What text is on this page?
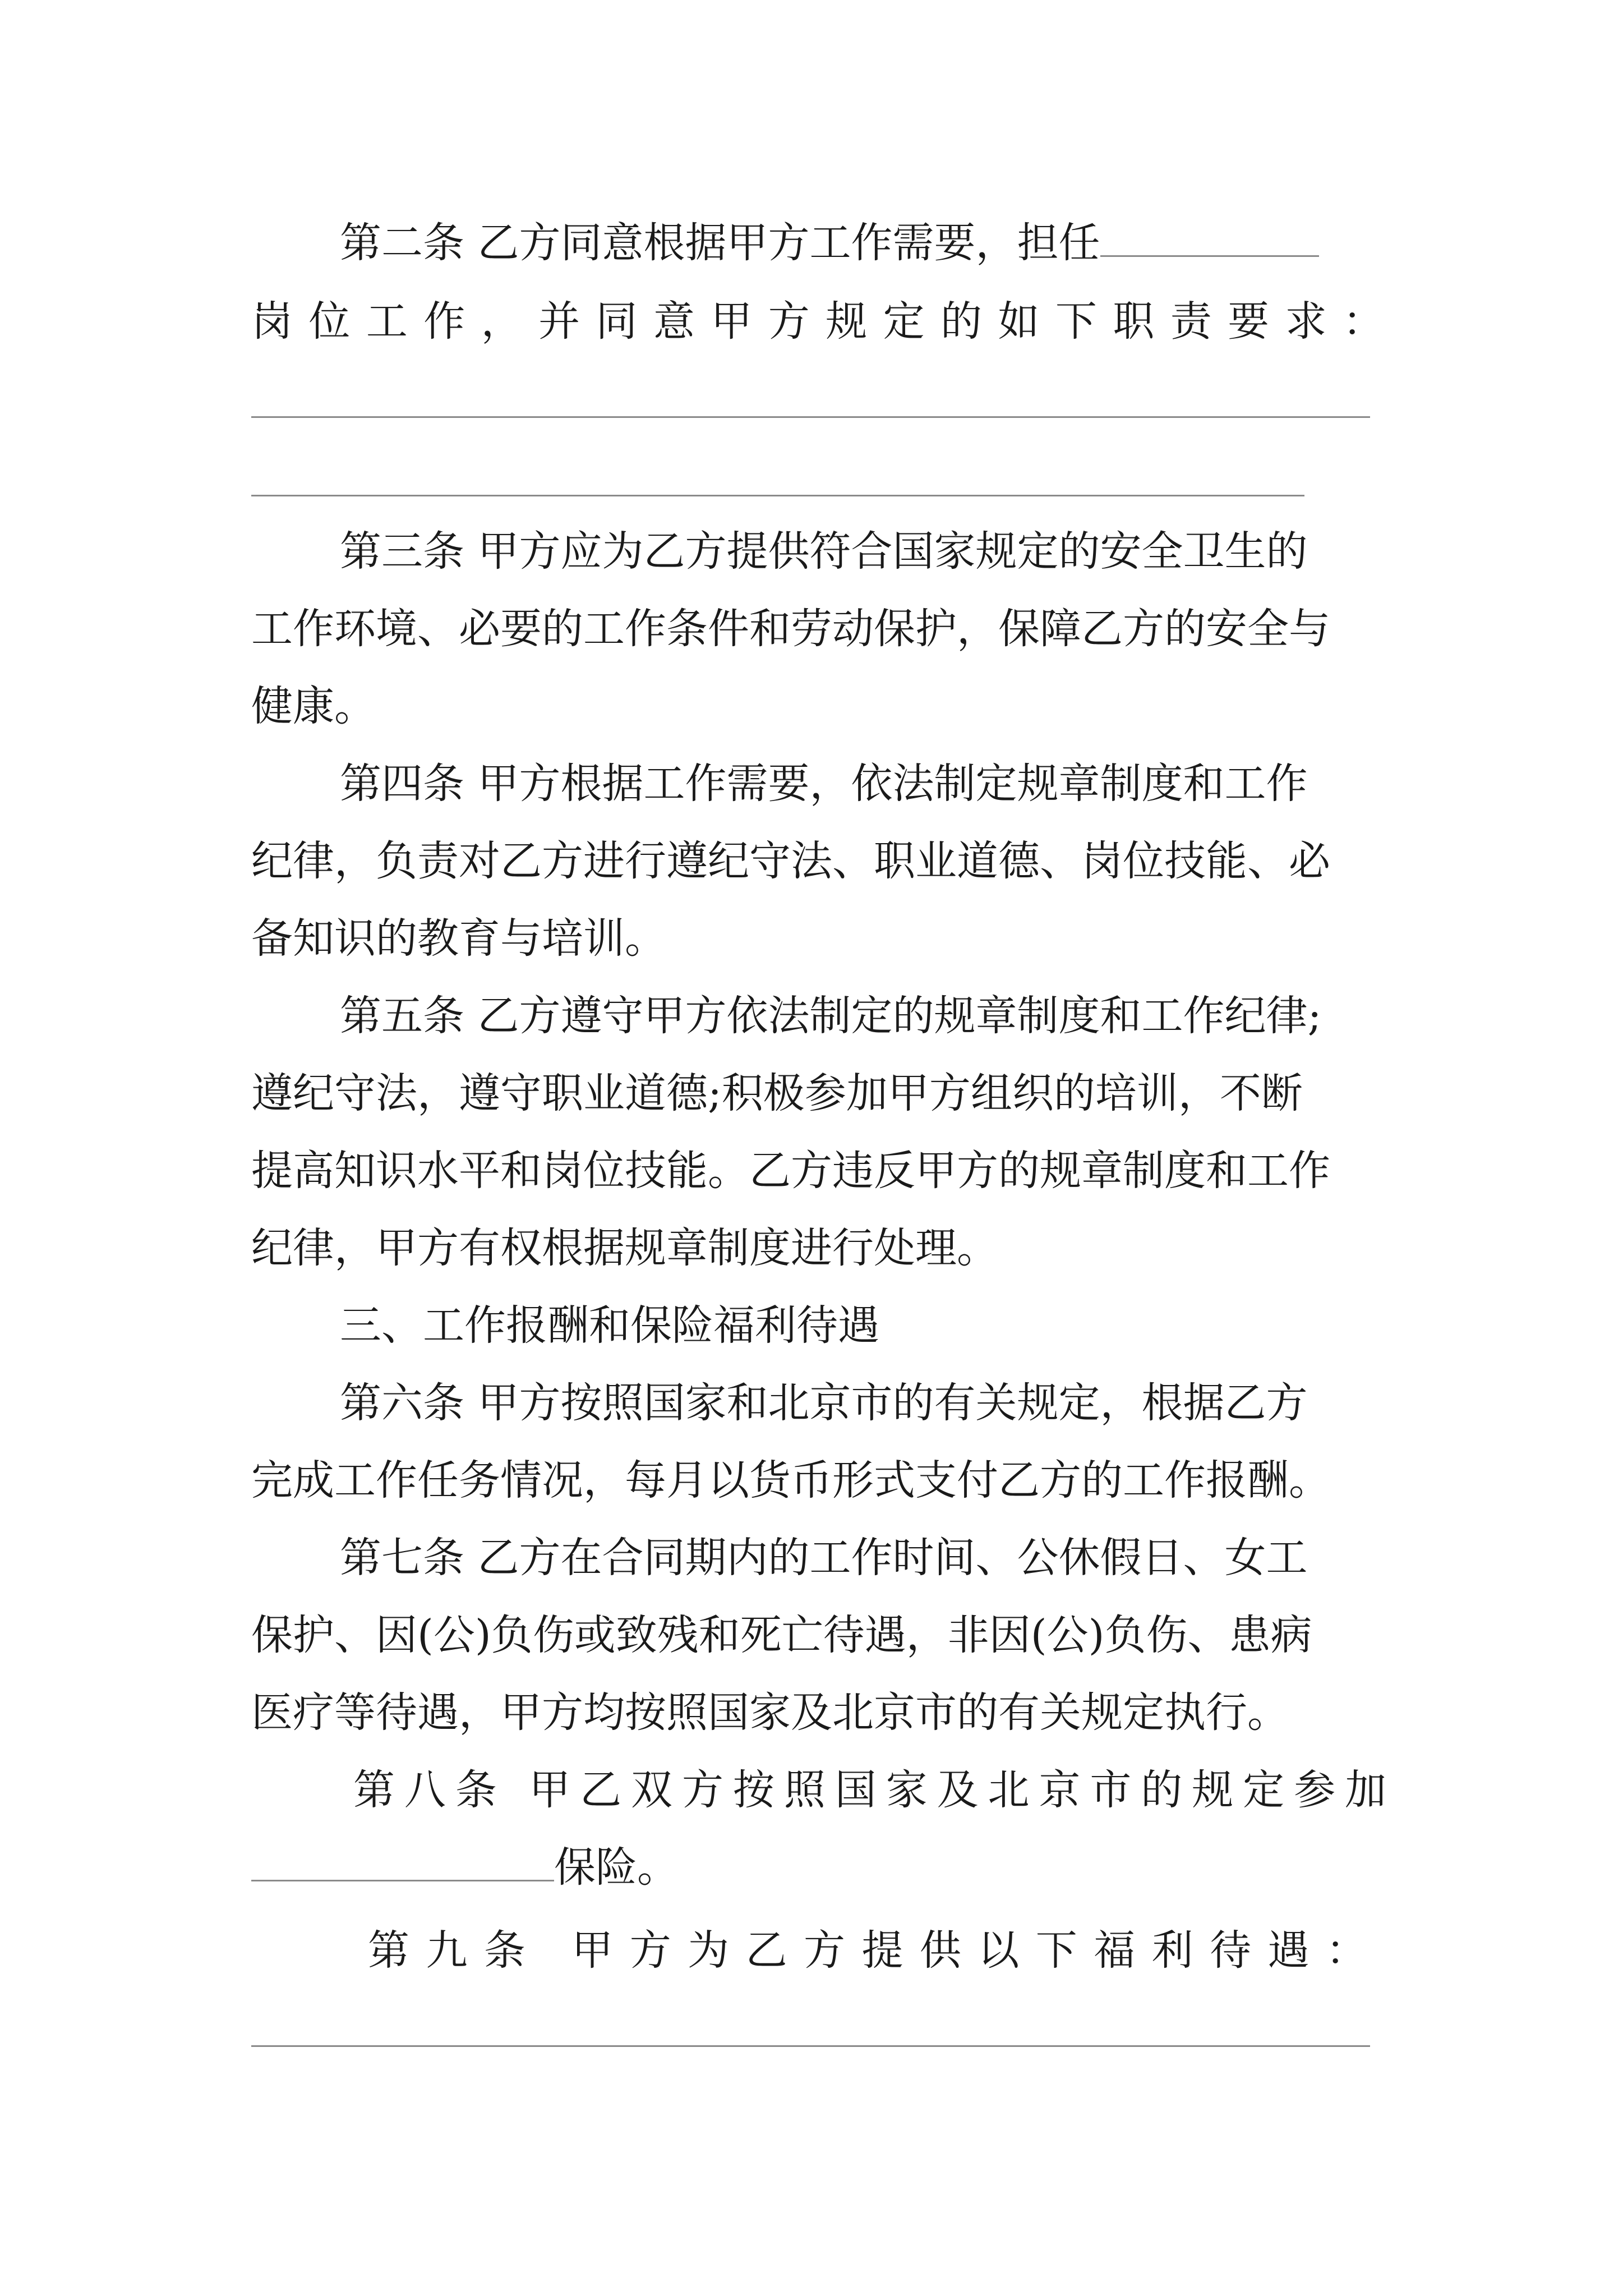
第二条 乙方同意根据甲方工作需要，担任

岗位工作，并同意甲方规定的如下职责要求：

第三条 甲方应为乙方提供符合国家规定的安全卫生的

工作环境、必要的工作条件和劳动保护，保障乙方的安全与

健康。

第四条 甲方根据工作需要，依法制定规章制度和工作

纪律，负责对乙方进行遵纪守法、职业道德、岗位技能、必

备知识的教育与培训。

第五条 乙方遵守甲方依法制定的规章制度和工作纪律;

遵纪守法，遵守职业道德;积极参加甲方组织的培训，不断

提高知识水平和岗位技能。乙方违反甲方的规章制度和工作

纪律，甲方有权根据规章制度进行处理。

三、工作报酬和保险福利待遇

第六条 甲方按照国家和北京市的有关规定，根据乙方

完成工作任务情况，每月以货币形式支付乙方的工作报酬。

第七条 乙方在合同期内的工作时间、公休假日、女工

保护、因(公)负伤或致残和死亡待遇，非因(公)负伤、患病

医疗等待遇，甲方均按照国家及北京市的有关规定执行。

第八条 甲乙双方按照国家及北京市的规定参加

保险。

第九条 甲方为乙方提供以下福利待遇：
